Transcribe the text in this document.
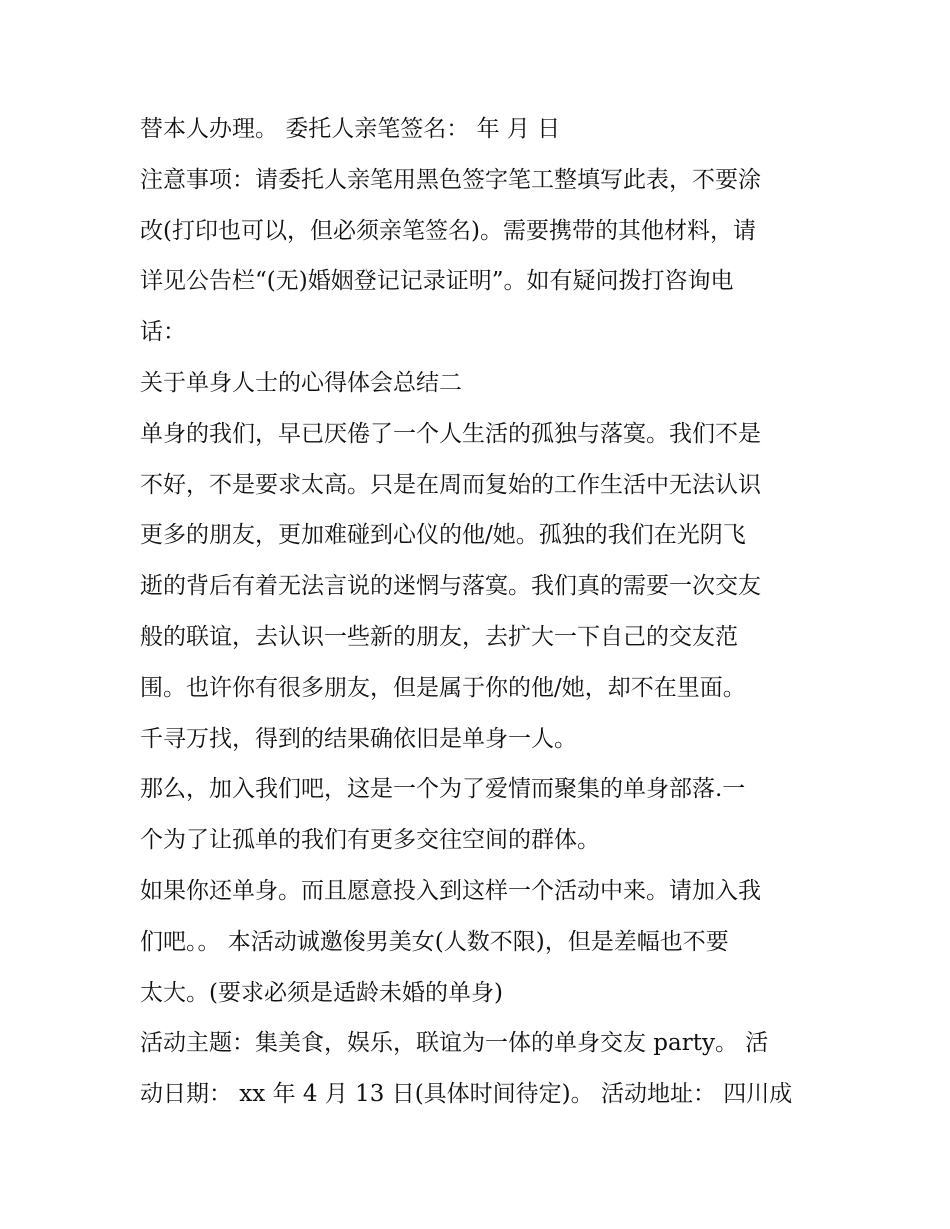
替本人办理。 委托人亲笔签名： 年 月 日
注意事项：请委托人亲笔用黑色签字笔工整填写此表，不要涂
改(打印也可以，但必须亲笔签名)。需要携带的其他材料，请
详见公告栏“(无)婚姻登记记录证明”。如有疑问拨打咨询电
话：
关于单身人士的心得体会总结二
单身的我们，早已厌倦了一个人生活的孤独与落寞。我们不是
不好，不是要求太高。只是在周而复始的工作生活中无法认识
更多的朋友，更加难碰到心仪的他/她。孤独的我们在光阴飞
逝的背后有着无法言说的迷惘与落寞。我们真的需要一次交友
般的联谊，去认识一些新的朋友，去扩大一下自己的交友范
围。也许你有很多朋友，但是属于你的他/她，却不在里面。
千寻万找，得到的结果确依旧是单身一人。
那么，加入我们吧，这是一个为了爱情而聚集的单身部落.一
个为了让孤单的我们有更多交往空间的群体。
如果你还单身。而且愿意投入到这样一个活动中来。请加入我
们吧。。 本活动诚邀俊男美女(人数不限)，但是差幅也不要
太大。(要求必须是适龄未婚的单身)
活动主题：集美食，娱乐，联谊为一体的单身交友 party。 活
动日期： xx 年 4 月 13 日(具体时间待定)。 活动地址： 四川成
